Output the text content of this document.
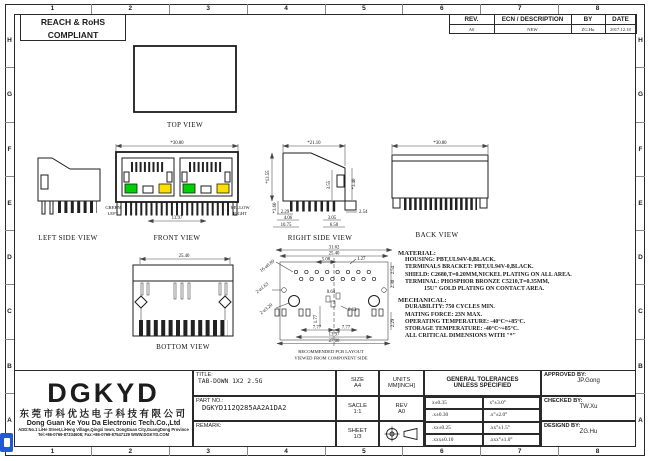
1	2	3	4	5	6	7	8
1	2	3	4	5	6	7	8
H
G
F
E
D
C
B
A
H
G
F
E
D
C
B
A
REACH & RoHS
COMPLIANT
REV.	ECN / DESCRIPTION	BY	DATE
A0	NEW	ZG.Hu	2017.12.18
TOP VIEW
LEFT SIDE VIEW
*30.80
13.97
GREEN
LEFT
YELLOW
RIGHT
FRONT VIEW
*21.10
*13.55
*3.60
3.55	*3.40
2.29
4.06	3.05
2.54
10.75	6.50
RIGHT SIDE VIEW
*30.80
BACK VIEW
25.40
BOTTOM VIEW
31.62
25.40
5.08	1.27
16-ø0.89
2-ø1.63
2-ø3.20
0.64
0.63
1.77
2.54
2.30
2.29
7.77	7.77
13.97
27.00
RECOMMENDED PCB LAYOUT
VIEWED FROM COMPONENT SIDE
MATERIAL:
HOUSING: PBT,UL94V-0,BLACK.
TERMINALS BRACKET: PBT,UL94V-0,BLACK.
SHIELD: C2680,T=0.20MM,NICKEL PLATING ON ALL AREA.
TERMINAL: PHOSPHOR BRONZE C5210,T=0.35MM,
15U" GOLD PLATING ON CONTACT AREA.
MECHANICAL:
DURABILITY: 750 CYCLES MIN.
MATING FORCE: 23N MAX.
OPERATING TEMPERATURE: -40°C~+85°C.
STORAGE TEMPERATURE: -40°C~+85°C.
ALL CRITICAL DIMENSIONS WITH "*"
DGKYD
东莞市科优达电子科技有限公司
Dong Guan Ke You Da Electronic Tech.Co.,Ltd
ADD:No.1 LiHe Street,LiHeng Village,Qingxi town, DongGuan City,GuangDong Province
Tel:+86-0769-87334608; Fax:+86-0769-87547129 WWW.DGKYD.COM
TITLE:
TAB-DOWN 1X2 2.5G
PART NO.:
DGKYD112Q285AA2A1DA2
REMARK:
SIZE
A4
SACLE
1:1
SHEET
1/3
UNITS
MM[INCH]
REV
A0
GENERAL TOLERANCES
UNLESS SPECIFIED
x±0.35	x°±3.0°
.x±0.30	.x°±2.0°
.xx±0.25	.xx°±1.5°
.xxx±0.10	.xxx°±1.0°
APPROVED BY:
JP.Gong
CHECKED BY:
TW.Xu
DESIGND BY:
ZG.Hu
